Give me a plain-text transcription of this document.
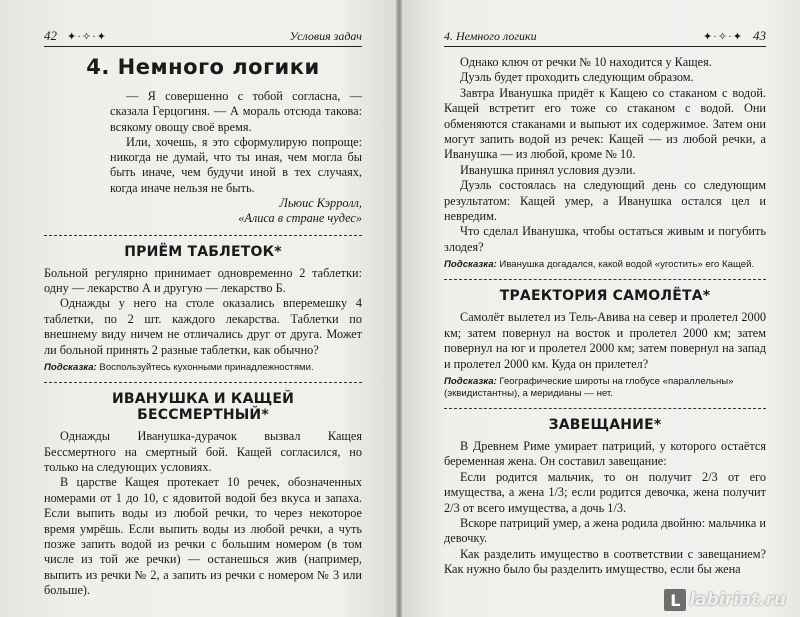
42 ✦·✧·✦	Условия задач
4. Немного логики

— Я совершенно с тобой согласна, — сказала Герцогиня. — А мораль отсюда такова: всякому овощу своё время.

Или, хочешь, я это сформулирую попроще: никогда не думай, что ты иная, чем могла бы быть иначе, чем будучи иной в тех случаях, когда иначе нельзя не быть.

Льюис Кэрролл,

«Алиса в стране чудес»

ПРИЁМ ТАБЛЕТОК*

Больной регулярно принимает одновременно 2 таблетки: одну — лекарство А и другую — лекарство Б.

Однажды у него на столе оказались вперемешку 4 таблетки, по 2 шт. каждого лекарства. Таблетки по внешнему виду ничем не отличались друг от друга. Может ли больной принять 2 разные таблетки, как обычно?

Подсказка: Воспользуйтесь кухонными принадлежностями.
ИВАНУШКА И КАЩЕЙ БЕССМЕРТНЫЙ*

Однажды Иванушка-дурачок вызвал Кащея Бессмертного на смертный бой. Кащей согласился, но только на следующих условиях.

В царстве Кащея протекает 10 речек, обозначенных номерами от 1 до 10, с ядовитой водой без вкуса и запаха. Если выпить воды из любой речки, то через некоторое время умрёшь. Если выпить воды из любой речки, а чуть позже запить водой из речки с большим номером (в том числе из той же речки) — останешься жив (например, выпить из речки № 2, а запить из речки с номером № 3 или больше).

4. Немного логики	✦·✧·✦ 43

Однако ключ от речки № 10 находится у Кащея.

Дуэль будет проходить следующим образом.

Завтра Иванушка придёт к Кащею со стаканом с водой. Кащей встретит его тоже со стаканом с водой. Они обменяются стаканами и выпьют их содержимое. Затем они могут запить водой из речек: Кащей — из любой речки, а Иванушка — из любой, кроме № 10.

Иванушка принял условия дуэли.

Дуэль состоялась на следующий день со следующим результатом: Кащей умер, а Иванушка остался цел и невредим.

Что сделал Иванушка, чтобы остаться живым и погубить злодея?

Подсказка: Иванушка догадался, какой водой «угостить» его Кащей.
ТРАЕКТОРИЯ САМОЛЁТА*

Самолёт вылетел из Тель-Авива на север и пролетел 2000 км; затем повернул на восток и пролетел 2000 км; затем повернул на юг и пролетел 2000 км; затем повернул на запад и пролетел 2000 км. Куда он прилетел?

Подсказка: Географические широты на глобусе «параллельны» (эквидистантны), а меридианы — нет.
ЗАВЕЩАНИЕ*

В Древнем Риме умирает патриций, у которого остаётся беременная жена. Он составил завещание:

Если родится мальчик, то он получит 2/3 от его имущества, а жена 1/3; если родится девочка, жена получит 2/3 от всего имущества, а дочь 1/3.

Вскоре патриций умер, а жена родила двойню: мальчика и девочку.

Как разделить имущество в соответствии с завещанием? Как нужно было бы разделить имущество, если бы жена

L labirint.ru
